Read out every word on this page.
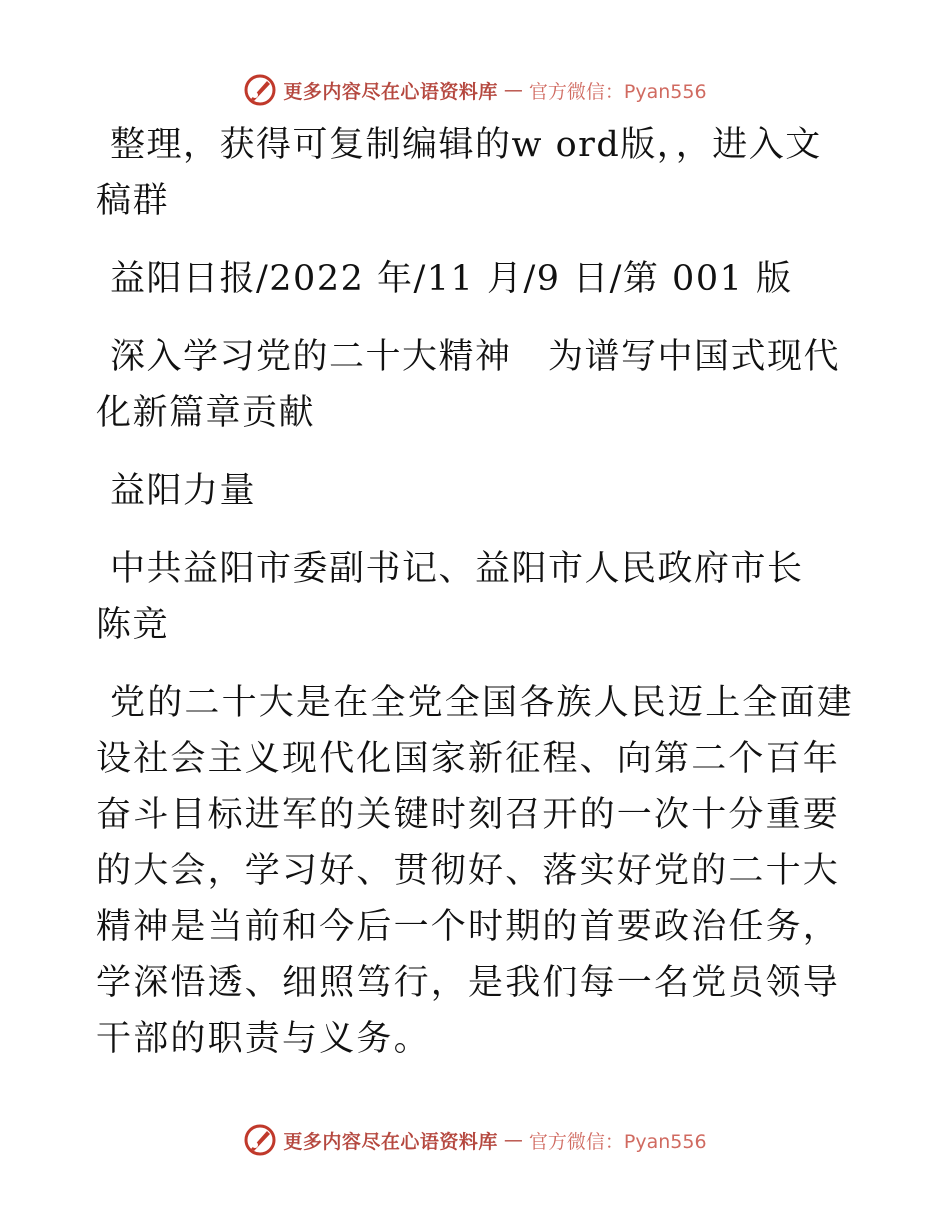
更多内容尽在心语资料库 — 官方微信：Pyan556

整理，获得可复制编辑的w ord版，，进入文稿群

益阳日报/2022 年/11 月/9 日/第 001 版

深入学习党的二十大精神　为谱写中国式现代化新篇章贡献

益阳力量

中共益阳市委副书记、益阳市人民政府市长　陈竞

党的二十大是在全党全国各族人民迈上全面建设社会主义现代化国家新征程、向第二个百年奋斗目标进军的关键时刻召开的一次十分重要的大会，学习好、贯彻好、落实好党的二十大精神是当前和今后一个时期的首要政治任务，学深悟透、细照笃行，是我们每一名党员领导干部的职责与义务。

更多内容尽在心语资料库 — 官方微信：Pyan556
